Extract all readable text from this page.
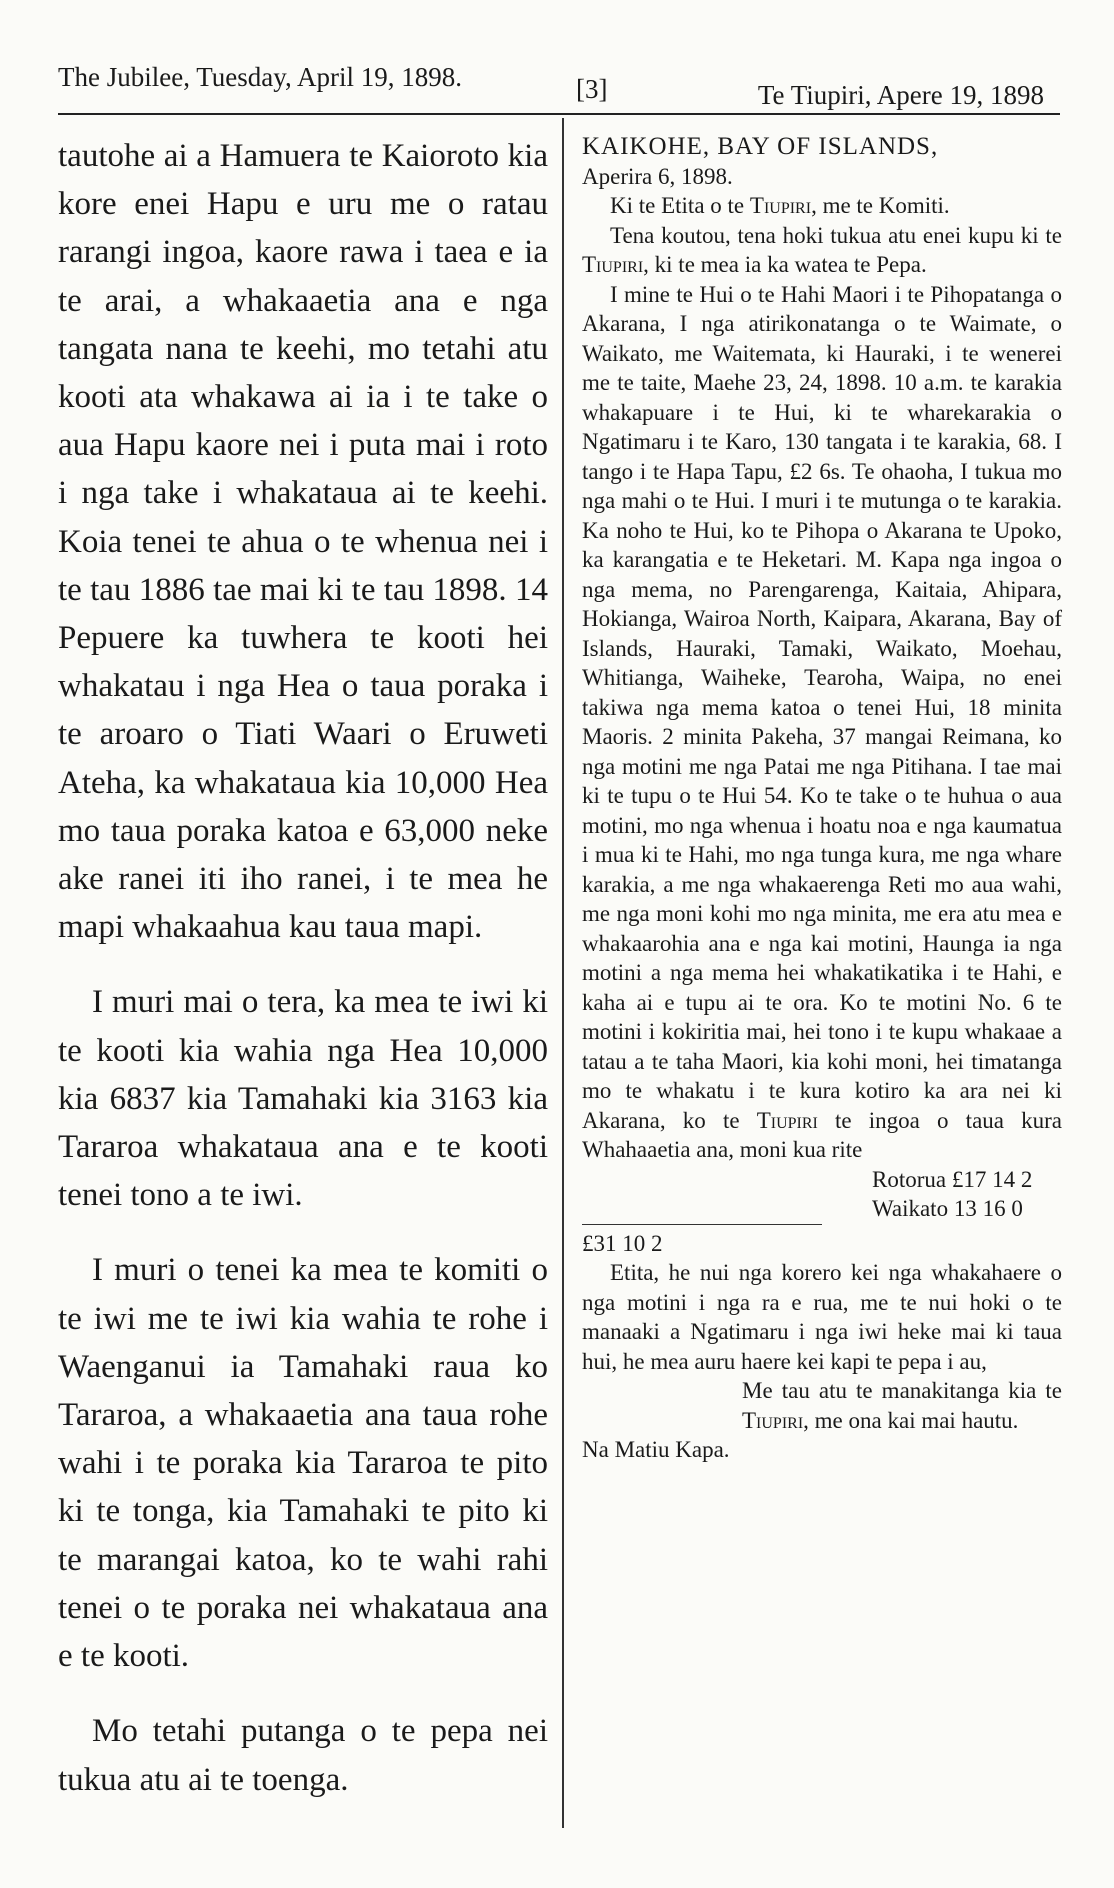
The Jubilee, Tuesday, April 19, 1898.	[3]	Te Tiupiri, Apere 19, 1898

tautohe ai a Hamuera te Kaioroto kia kore enei Hapu e uru me o ratau rarangi ingoa, kaore rawa i taea e ia te arai, a whakaaetia ana e nga tangata nana te keehi, mo tetahi atu kooti ata whakawa ai ia i te take o aua Hapu kaore nei i puta mai i roto i nga take i whakataua ai te keehi. Koia tenei te ahua o te whenua nei i te tau 1886 tae mai ki te tau 1898. 14 Pepuere ka tuwhera te kooti hei whakatau i nga Hea o taua poraka i te aroaro o Tiati Waari o Eruweti Ateha, ka whakataua kia 10,000 Hea mo taua poraka katoa e 63,000 neke ake ranei iti iho ranei, i te mea he mapi whakaahua kau taua mapi.

I muri mai o tera, ka mea te iwi ki te kooti kia wahia nga Hea 10,000 kia 6837 kia Tamahaki kia 3163 kia Tararoa whakataua ana e te kooti tenei tono a te iwi.

I muri o tenei ka mea te komiti o te iwi me te iwi kia wahia te rohe i Waenganui ia Tamahaki raua ko Tararoa, a whakaaetia ana taua rohe wahi i te poraka kia Tararoa te pito ki te tonga, kia Tamahaki te pito ki te marangai katoa, ko te wahi rahi tenei o te poraka nei whakataua ana e te kooti.

Mo tetahi putanga o te pepa nei tukua atu ai te toenga.

KAIKOHE, BAY OF ISLANDS,

Aperira 6, 1898.

Ki te Etita o te Tiupiri, me te Komiti.

Tena koutou, tena hoki tukua atu enei kupu ki te Tiupiri, ki te mea ia ka watea te Pepa.

I mine te Hui o te Hahi Maori i te Pihopatanga o Akarana, I nga atirikonatanga o te Waimate, o Waikato, me Waitemata, ki Hauraki, i te wenerei me te taite, Maehe 23, 24, 1898. 10 a.m. te karakia whakapuare i te Hui, ki te wharekarakia o Ngatimaru i te Karo, 130 tangata i te karakia, 68. I tango i te Hapa Tapu, £2 6s. Te ohaoha, I tukua mo nga mahi o te Hui. I muri i te mutunga o te karakia. Ka noho te Hui, ko te Pihopa o Akarana te Upoko, ka karangatia e te Heketari. M. Kapa nga ingoa o nga mema, no Parengarenga, Kaitaia, Ahipara, Hokianga, Wairoa North, Kaipara, Akarana, Bay of Islands, Hauraki, Tamaki, Waikato, Moehau, Whitianga, Waiheke, Tearoha, Waipa, no enei takiwa nga mema katoa o tenei Hui, 18 minita Maoris. 2 minita Pakeha, 37 mangai Reimana, ko nga motini me nga Patai me nga Pitihana. I tae mai ki te tupu o te Hui 54. Ko te take o te huhua o aua motini, mo nga whenua i hoatu noa e nga kaumatua i mua ki te Hahi, mo nga tunga kura, me nga whare karakia, a me nga whakaerenga Reti mo aua wahi, me nga moni kohi mo nga minita, me era atu mea e whakaarohia ana e nga kai motini, Haunga ia nga motini a nga mema hei whakatikatika i te Hahi, e kaha ai e tupu ai te ora. Ko te motini No. 6 te motini i kokiritia mai, hei tono i te kupu whakaae a tatau a te taha Maori, kia kohi moni, hei timatanga mo te whakatu i te kura kotiro ka ara nei ki Akarana, ko te Tiupiri te ingoa o taua kura Whahaaetia ana, moni kua rite

Rotorua £17 14 2
Waikato 13 16 0

£31 10 2

Etita, he nui nga korero kei nga whakahaere o nga motini i nga ra e rua, me te nui hoki o te manaaki a Ngatimaru i nga iwi heke mai ki taua hui, he mea auru haere kei kapi te pepa i au,

Me tau atu te manakitanga kia te Tiupiri, me ona kai mai hautu.

Na Matiu Kapa.
